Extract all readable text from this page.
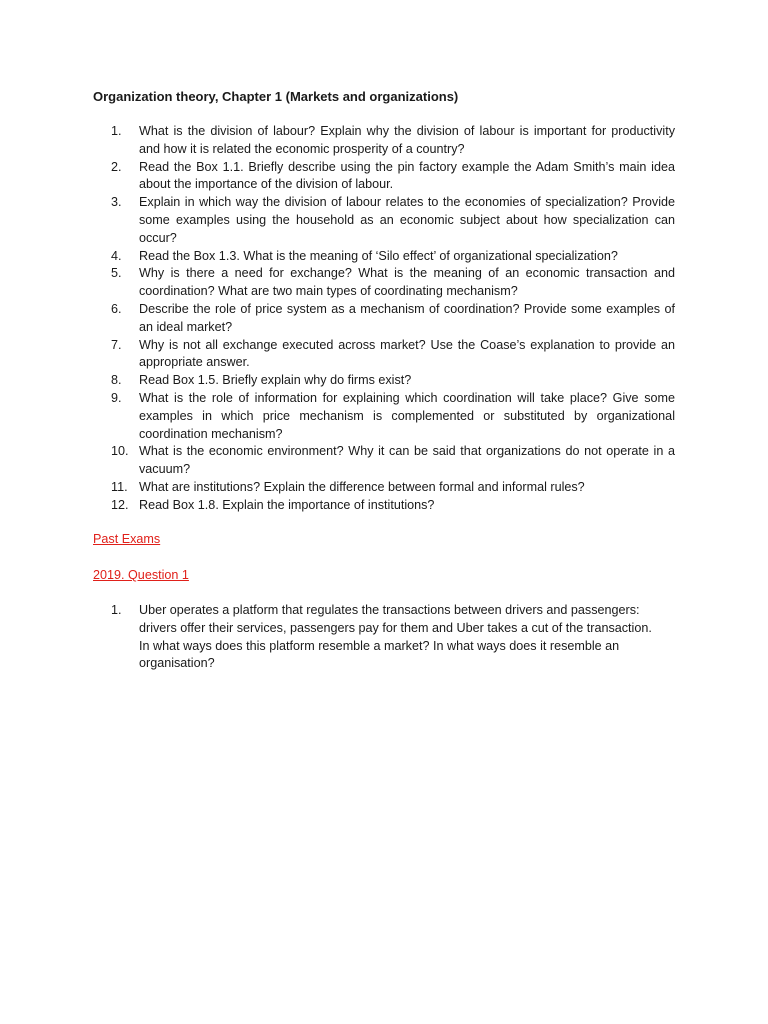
Organization theory, Chapter 1 (Markets and organizations)
1.	What is the division of labour? Explain why the division of labour is important for productivity and how it is related the economic prosperity of a country?
2.	Read the Box 1.1. Briefly describe using the pin factory example the Adam Smith’s main idea about the importance of the division of labour.
3.	Explain in which way the division of labour relates to the economies of specialization? Provide some examples using the household as an economic subject about how specialization can occur?
4.	Read the Box 1.3. What is the meaning of ‘Silo effect’ of organizational specialization?
5.	Why is there a need for exchange? What is the meaning of an economic transaction and coordination? What are two main types of coordinating mechanism?
6.	Describe the role of price system as a mechanism of coordination? Provide some examples of an ideal market?
7.	Why is not all exchange executed across market? Use the Coase’s explanation to provide an appropriate answer.
8.	Read Box 1.5. Briefly explain why do firms exist?
9.	What is the role of information for explaining which coordination will take place? Give some examples in which price mechanism is complemented or substituted by organizational coordination mechanism?
10. What is the economic environment? Why it can be said that organizations do not operate in a vacuum?
11. What are institutions? Explain the difference between formal and informal rules?
12. Read Box 1.8. Explain the importance of institutions?
Past Exams
2019. Question 1
1.	Uber operates a platform that regulates the transactions between drivers and passengers: drivers offer their services, passengers pay for them and Uber takes a cut of the transaction. In what ways does this platform resemble a market? In what ways does it resemble an organisation?
